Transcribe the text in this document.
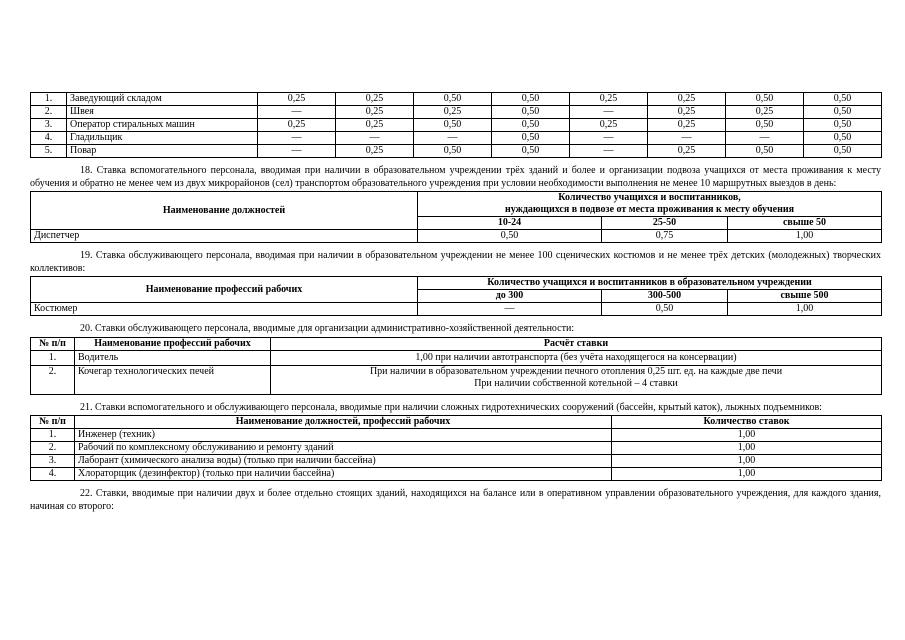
1.	Заведующий складом	0,25	0,25	0,50	0,50	0,25	0,25	0,50	0,50
2.	Швея	—	0,25	0,25	0,50	—	0,25	0,25	0,50
3.	Оператор стиральных машин	0,25	0,25	0,50	0,50	0,25	0,25	0,50	0,50
4.	Гладильщик	—	—	—	0,50	—	—	—	0,50
5.	Повар	—	0,25	0,50	0,50	—	0,25	0,50	0,50

18. Ставка вспомогательного персонала, вводимая при наличии в образовательном учреждении трёх зданий и более и организации подвоза учащихся от места проживания к месту обучения и обратно не менее чем из двух микрорайонов (сел) транспортом образовательного учреждения при условии необходимости выполнения не менее 10 маршрутных выездов в день:

Наименование должностей	Количество учащихся и воспитанников,
нуждающихся в подвозе от места проживания к месту обучения		
	10-24	25-50	свыше 50
Диспетчер	0,50	0,75	1,00

19. Ставка обслуживающего персонала, вводимая при наличии в образовательном учреждении не менее 100 сценических костюмов и не менее трёх детских (молодежных) творческих коллективов:

Наименование профессий рабочих	Количество учащихся и воспитанников в образовательном учреждении		
	до 300	300-500	свыше 500
Костюмер	—	0,50	1,00

20. Ставки обслуживающего персонала, вводимые для организации административно-хозяйственной деятельности:

№ п/п	Наименование профессий рабочих	Расчёт ставки
1.	Водитель	1,00 при наличии автотранспорта (без учёта находящегося на консервации)
2.	Кочегар технологических печей	При наличии в образовательном учреждении печного отопления 0,25 шт. ед. на каждые две печи
При наличии собственной котельной – 4 ставки

21. Ставки вспомогательного и обслуживающего персонала, вводимые при наличии сложных гидротехнических сооружений (бассейн, крытый каток), лыжных подъемников:

№ п/п	Наименование должностей, профессий рабочих	Количество ставок
1.	Инженер (техник)	1,00
2.	Рабочий по комплексному обслуживанию и ремонту зданий	1,00
3.	Лаборант (химического анализа воды) (только при наличии бассейна)	1,00
4.	Хлораторщик (дезинфектор) (только при наличии бассейна)	1,00

22. Ставки, вводимые при наличии двух и более отдельно стоящих зданий, находящихся на балансе или в оперативном управлении образовательного учреждения, для каждого здания, начиная со второго:
